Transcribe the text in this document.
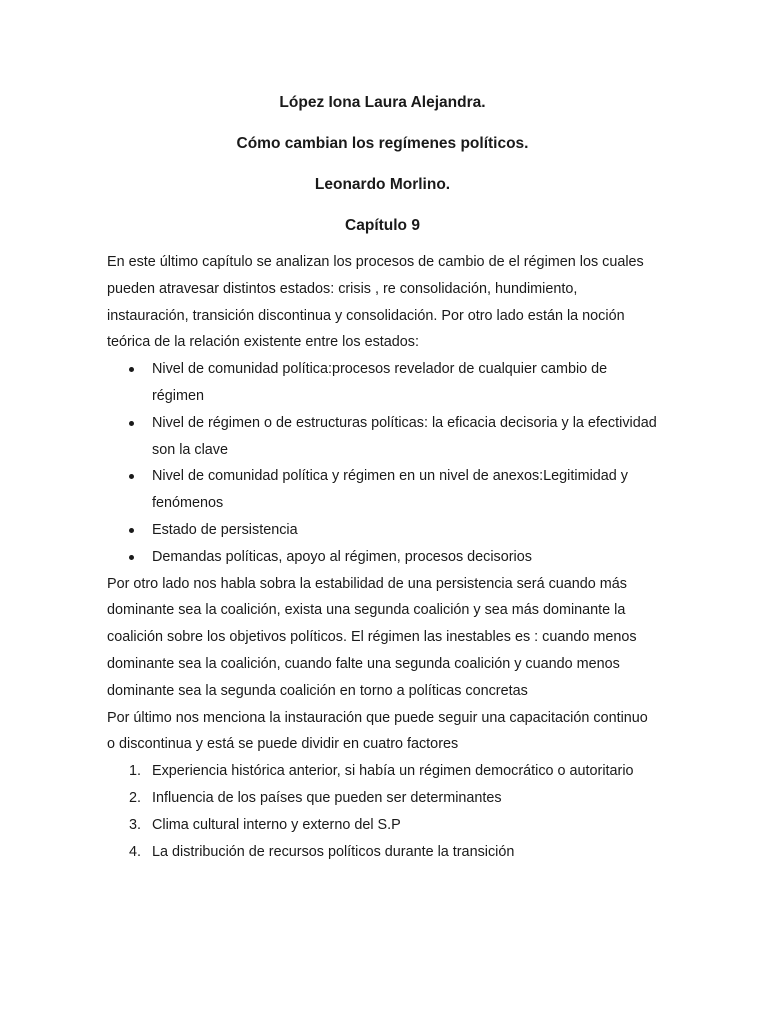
López Iona Laura Alejandra.

Cómo cambian los regímenes políticos.

Leonardo Morlino.

Capítulo 9

En este último capítulo se analizan los procesos de cambio de el régimen los cuales pueden atravesar distintos estados: crisis , re consolidación, hundimiento, instauración, transición discontinua y consolidación. Por otro lado están la noción teórica de la relación existente entre los estados:

Nivel de comunidad política:procesos revelador de cualquier cambio de régimen
Nivel de régimen o de estructuras políticas: la eficacia decisoria y la efectividad son la clave
Nivel de comunidad política y régimen en un nivel de anexos:Legitimidad y fenómenos
Estado de persistencia
Demandas políticas, apoyo al régimen, procesos decisorios

Por otro lado nos habla sobra la estabilidad de una persistencia será cuando más dominante sea la coalición, exista una segunda coalición y sea más dominante la coalición sobre los objetivos políticos. El régimen las inestables es : cuando menos dominante sea la coalición, cuando falte una segunda coalición y cuando menos dominante sea la segunda coalición en torno a políticas concretas

Por último nos menciona la instauración que puede seguir una capacitación continuo o discontinua y está se puede dividir en cuatro factores

1. Experiencia histórica anterior, si había un régimen democrático o autoritario
2. Influencia de los países que pueden ser determinantes
3. Clima cultural interno y externo del S.P
4. La distribución de recursos políticos durante la transición
